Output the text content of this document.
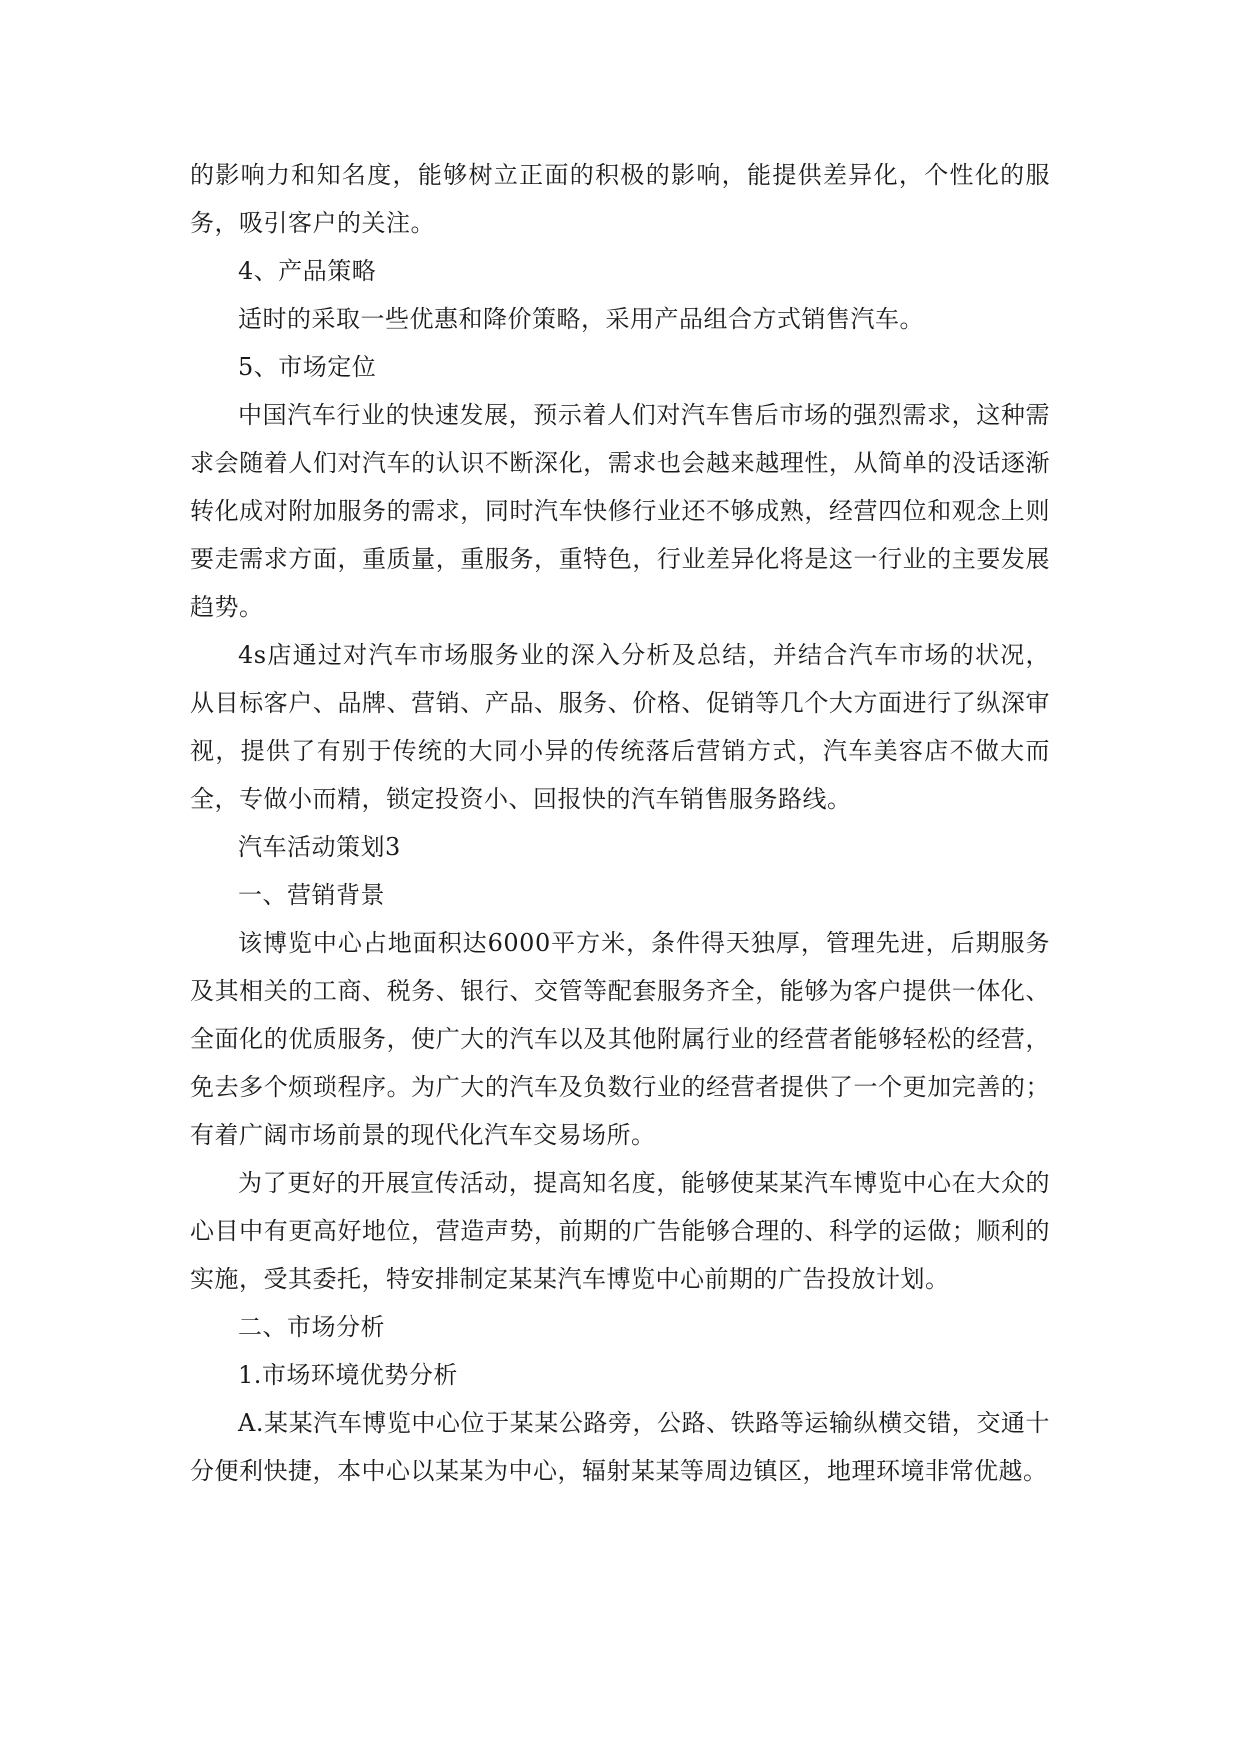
的影响力和知名度，能够树立正面的积极的影响，能提供差异化，个性化的服务，吸引客户的关注。

4、产品策略

适时的采取一些优惠和降价策略，采用产品组合方式销售汽车。

5、市场定位

中国汽车行业的快速发展，预示着人们对汽车售后市场的强烈需求，这种需求会随着人们对汽车的认识不断深化，需求也会越来越理性，从简单的没话逐渐转化成对附加服务的需求，同时汽车快修行业还不够成熟，经营四位和观念上则要走需求方面，重质量，重服务，重特色，行业差异化将是这一行业的主要发展趋势。

4s店通过对汽车市场服务业的深入分析及总结，并结合汽车市场的状况，从目标客户、品牌、营销、产品、服务、价格、促销等几个大方面进行了纵深审视，提供了有别于传统的大同小异的传统落后营销方式，汽车美容店不做大而全，专做小而精，锁定投资小、回报快的汽车销售服务路线。

汽车活动策划3

一、营销背景

该博览中心占地面积达6000平方米，条件得天独厚，管理先进，后期服务及其相关的工商、税务、银行、交管等配套服务齐全，能够为客户提供一体化、全面化的优质服务，使广大的汽车以及其他附属行业的经营者能够轻松的经营，免去多个烦琐程序。为广大的汽车及负数行业的经营者提供了一个更加完善的；有着广阔市场前景的现代化汽车交易场所。

为了更好的开展宣传活动，提高知名度，能够使某某汽车博览中心在大众的心目中有更高好地位，营造声势，前期的广告能够合理的、科学的运做；顺利的实施，受其委托，特安排制定某某汽车博览中心前期的广告投放计划。

二、市场分析

1.市场环境优势分析

A.某某汽车博览中心位于某某公路旁，公路、铁路等运输纵横交错，交通十分便利快捷，本中心以某某为中心，辐射某某等周边镇区，地理环境非常优越。
